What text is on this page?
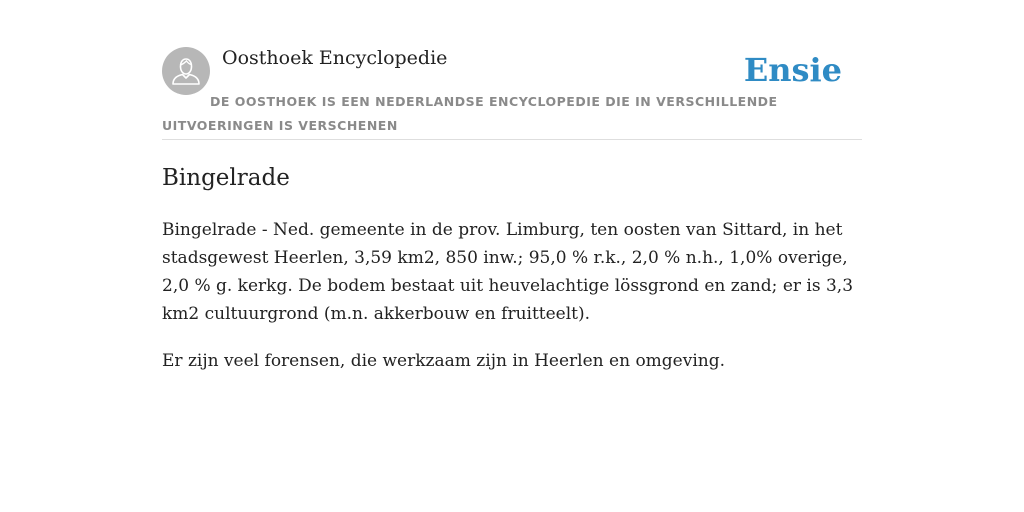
Oosthoek Encyclopedie	Ensie
DE OOSTHOEK IS EEN NEDERLANDSE ENCYCLOPEDIE DIE IN VERSCHILLENDE UITVOERINGEN IS VERSCHENEN
Bingelrade

Bingelrade - Ned. gemeente in de prov. Limburg, ten oosten van Sittard, in het stadsgewest Heerlen, 3,59 km2, 850 inw.; 95,0 % r.k., 2,0 % n.h., 1,0% overige, 2,0 % g. kerkg. De bodem bestaat uit heuvelachtige lössgrond en zand; er is 3,3 km2 cultuurgrond (m.n. akkerbouw en fruitteelt).

Er zijn veel forensen, die werkzaam zijn in Heerlen en omgeving.
